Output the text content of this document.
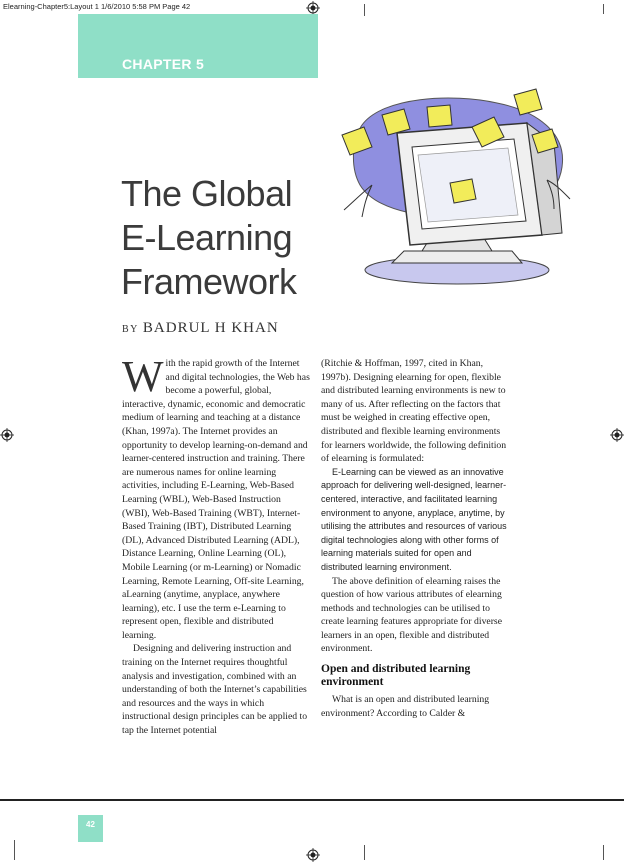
Elearning-Chapter5:Layout 1 1/6/2010 5:58 PM Page 42
CHAPTER 5
The Global
E-Learning
Framework
BY BADRUL H KHAN

With the rapid growth of the Internet and digital technologies, the Web has become a powerful, global, interactive, dynamic, economic and democratic medium of learning and teaching at a distance (Khan, 1997a). The Internet provides an opportunity to develop learning-on-demand and learner-centered instruction and training. There are numerous names for online learning activities, including E-Learning, Web-Based Learning (WBL), Web-Based Instruction (WBI), Web-Based Training (WBT), Internet-Based Training (IBT), Distributed Learning (DL), Advanced Distributed Learning (ADL), Distance Learning, Online Learning (OL), Mobile Learning (or m-Learning) or Nomadic Learning, Remote Learning, Off-site Learning, aLearning (anytime, anyplace, anywhere learning), etc. I use the term e-Learning to represent open, flexible and distributed learning.

Designing and delivering instruction and training on the Internet requires thoughtful analysis and investigation, combined with an understanding of both the Internet’s capabilities and resources and the ways in which instructional design principles can be applied to tap the Internet potential

(Ritchie & Hoffman, 1997, cited in Khan, 1997b). Designing elearning for open, flexible and distributed learning environments is new to many of us. After reflecting on the factors that must be weighed in creating effective open, distributed and flexible learning environments for learners worldwide, the following definition of elearning is formulated:

E-Learning can be viewed as an innovative approach for delivering well-designed, learner-centered, interactive, and facilitated learning environment to anyone, anyplace, anytime, by utilising the attributes and resources of various digital technologies along with other forms of learning materials suited for open and distributed learning environment.

The above definition of elearning raises the question of how various attributes of elearning methods and technologies can be utilised to create learning features appropriate for diverse learners in an open, flexible and distributed environment.

Open and distributed learning environment

What is an open and distributed learning environment? According to Calder &

42
